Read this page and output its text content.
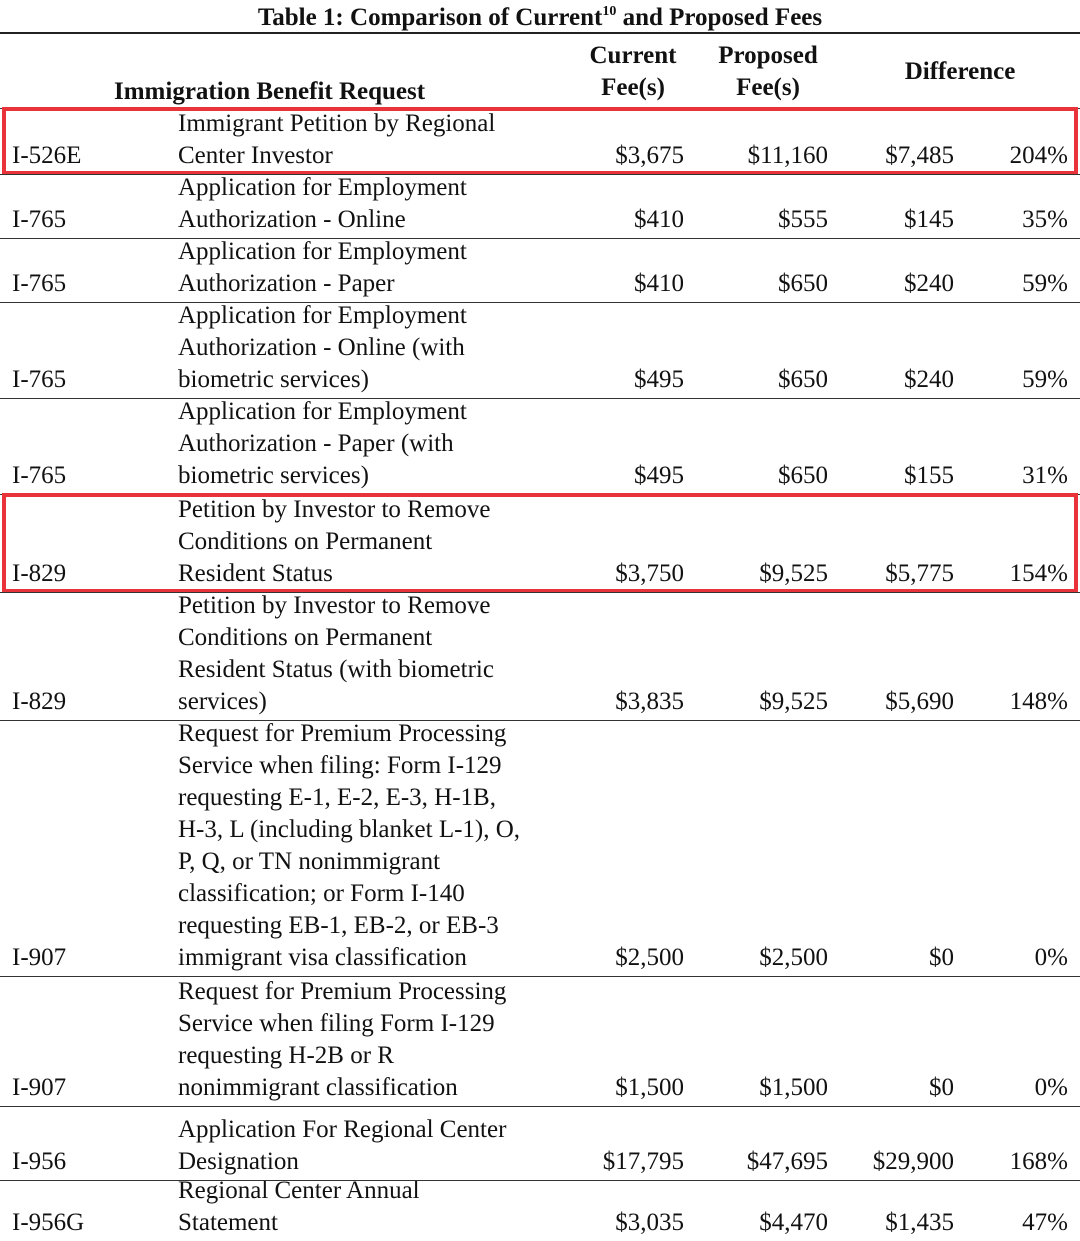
Table 1: Comparison of Current$^{10}$ and Proposed Fees
Immigration Benefit Request
Current
Fee(s)
Proposed
Fee(s)
Difference
I-526E
Immigrant Petition by Regional
Center Investor	$3,675	$11,160 $7,485 204%
I-765
Application for Employment
Authorization - Online	$410	$555	$145	35%
I-765
Application for Employment
Authorization - Paper	$410	$650	$240	59%
I-765
Application for Employment
Authorization - Online (with
biometric services)	$495	$650	$240	59%
I-765
Application for Employment
Authorization - Paper (with
biometric services)	$495	$650	$155	31%
I-829
Petition by Investor to Remove
Conditions on Permanent
Resident Status	$3,750	$9,525 $5,775 154%
I-829
Petition by Investor to Remove
Conditions on Permanent
Resident Status (with biometric
services)	$3,835	$9,525 $5,690 148%
I-907
Request for Premium Processing
Service when filing: Form I-129
requesting E-1, E-2, E-3, H-1B,
H-3, L (including blanket L-1), O,
P, Q, or TN nonimmigrant
classification; or Form I-140
requesting EB-1, EB-2, or EB-3
immigrant visa classification	$2,500	$2,500	$0	0%
I-907
Request for Premium Processing
Service when filing Form I-129
requesting H-2B or R
nonimmigrant classification	$1,500	$1,500	$0	0%
I-956
Application For Regional Center
Designation	$17,795	$47,695 $29,900 168%
I-956G
Regional Center Annual
Statement	$3,035	$4,470 $1,435	47%
